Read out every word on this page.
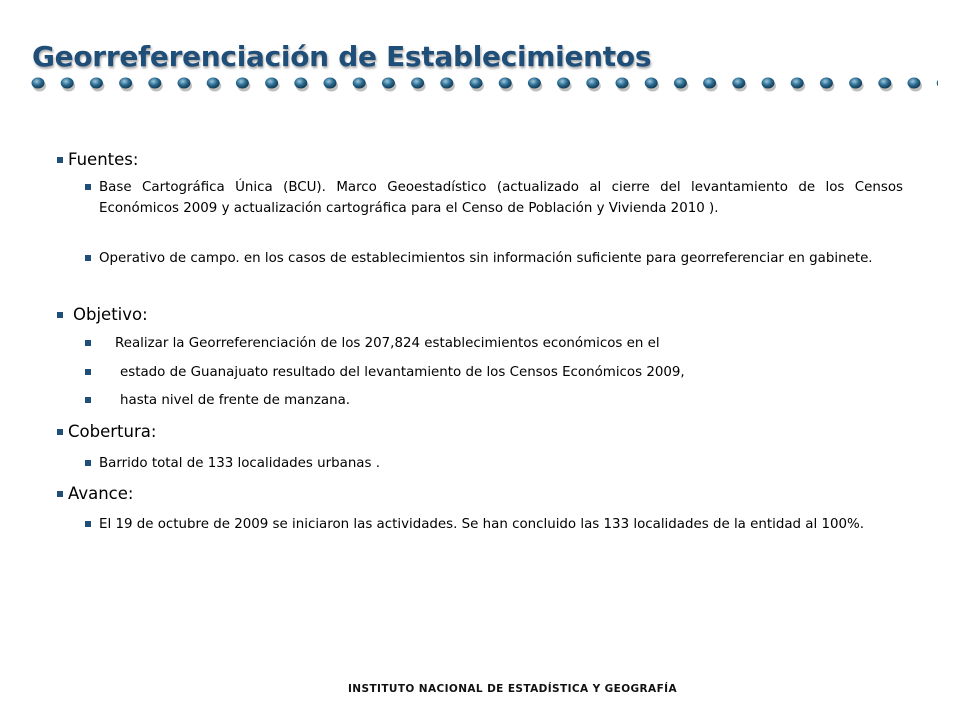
Georreferenciación de Establecimientos
Fuentes:
Base Cartográfica Única (BCU). Marco Geoestadístico (actualizado al cierre del levantamiento de los Censos Económicos 2009 y actualización cartográfica para el Censo de Población y Vivienda 2010 ).
Operativo de campo. en los casos de establecimientos sin información suficiente para georreferenciar en gabinete.
Objetivo:
Realizar la Georreferenciación de los 207,824 establecimientos económicos en el
estado de Guanajuato resultado del levantamiento de los Censos Económicos 2009,
hasta nivel de frente de manzana.
Cobertura:
Barrido total de 133 localidades urbanas .
Avance:
El 19 de octubre de 2009 se iniciaron las actividades. Se han concluido las 133 localidades de la entidad al 100%.
INSTITUTO NACIONAL DE ESTADÍSTICA Y GEOGRAFÍA
